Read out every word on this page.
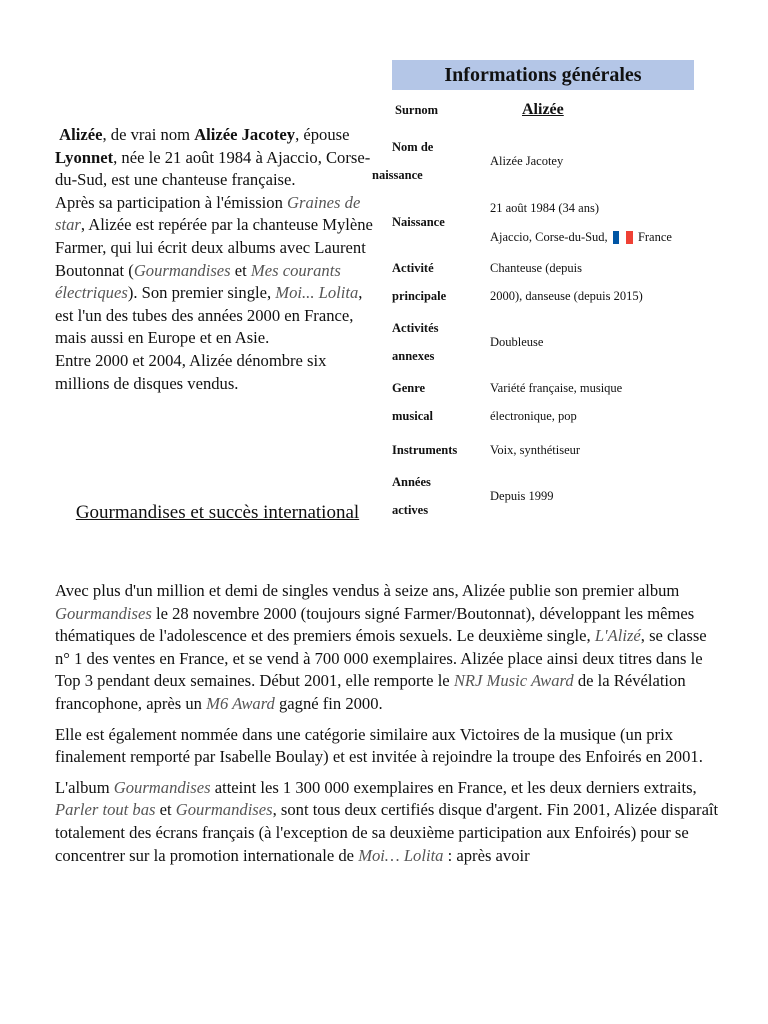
Alizée, de vrai nom Alizée Jacotey, épouse Lyonnet, née le 21 août 1984 à Ajaccio, Corse-du-Sud, est une chanteuse française.

Après sa participation à l'émission Graines de star, Alizée est repérée par la chanteuse Mylène Farmer, qui lui écrit deux albums avec Laurent Boutonnat (Gourmandises et Mes courants électriques). Son premier single, Moi... Lolita, est l'un des tubes des années 2000 en France, mais aussi en Europe et en Asie.

Entre 2000 et 2004, Alizée dénombre six millions de disques vendus.

Gourmandises et succès international

Avec plus d'un million et demi de singles vendus à seize ans, Alizée publie son premier album Gourmandises le 28 novembre 2000 (toujours signé Farmer/Boutonnat), développant les mêmes thématiques de l'adolescence et des premiers émois sexuels. Le deuxième single, L'Alizé, se classe n° 1 des ventes en France, et se vend à 700 000 exemplaires. Alizée place ainsi deux titres dans le Top 3 pendant deux semaines. Début 2001, elle remporte le NRJ Music Award de la Révélation francophone, après un M6 Award gagné fin 2000.

Elle est également nommée dans une catégorie similaire aux Victoires de la musique (un prix finalement remporté par Isabelle Boulay) et est invitée à rejoindre la troupe des Enfoirés en 2001.

L'album Gourmandises atteint les 1 300 000 exemplaires en France, et les deux derniers extraits, Parler tout bas et Gourmandises, sont tous deux certifiés disque d'argent. Fin 2001, Alizée disparaît totalement des écrans français (à l'exception de sa deuxième participation aux Enfoirés) pour se concentrer sur la promotion internationale de Moi… Lolita : après avoir

Informations générales
Surnom	Alizée
Nom de
naissance
Alizée Jacotey
Naissance
21 août 1984 (34 ans)
Ajaccio, Corse-du-Sud, France
Activité
principale
Chanteuse (depuis
2000), danseuse (depuis 2015)
Activités
annexes
Doubleuse
Genre
musical
Variété française, musique
électronique, pop
Instruments	Voix, synthétiseur
Années
actives
Depuis 1999
